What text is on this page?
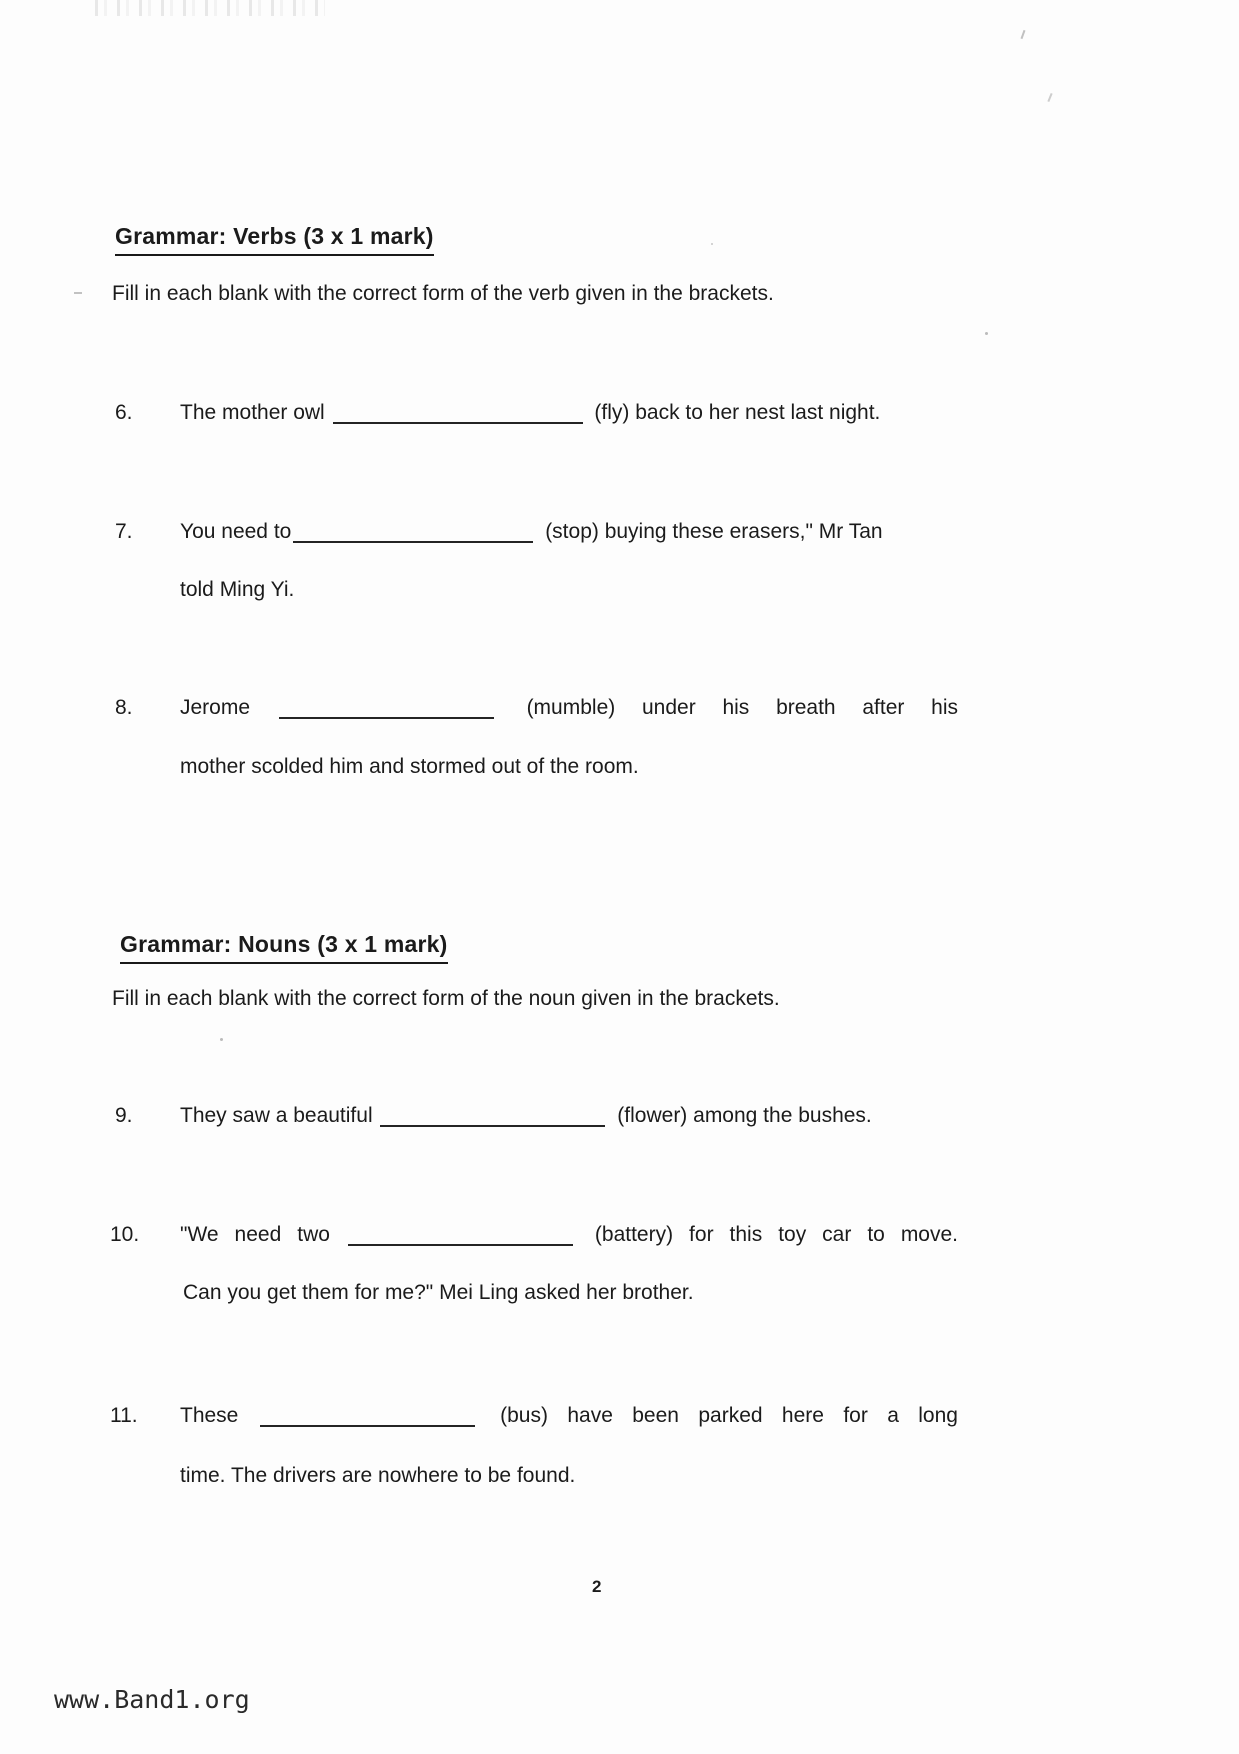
Grammar: Verbs (3 x 1 mark)
Fill in each blank with the correct form of the verb given in the brackets.
6. The mother owl	(fly) back to her nest last night.
7. You need to	(stop) buying these erasers," Mr Tan
told Ming Yi.
8. Jerome	(mumble) under his breath after his
mother scolded him and stormed out of the room.
Grammar: Nouns (3 x 1 mark)
Fill in each blank with the correct form of the noun given in the brackets.
9. They saw a beautiful	(flower) among the bushes.
10. "We need two	(battery) for this toy car to move.
Can you get them for me?" Mei Ling asked her brother.
11. These	(bus) have been parked here for a long
time. The drivers are nowhere to be found.
2
www.Band1.org
